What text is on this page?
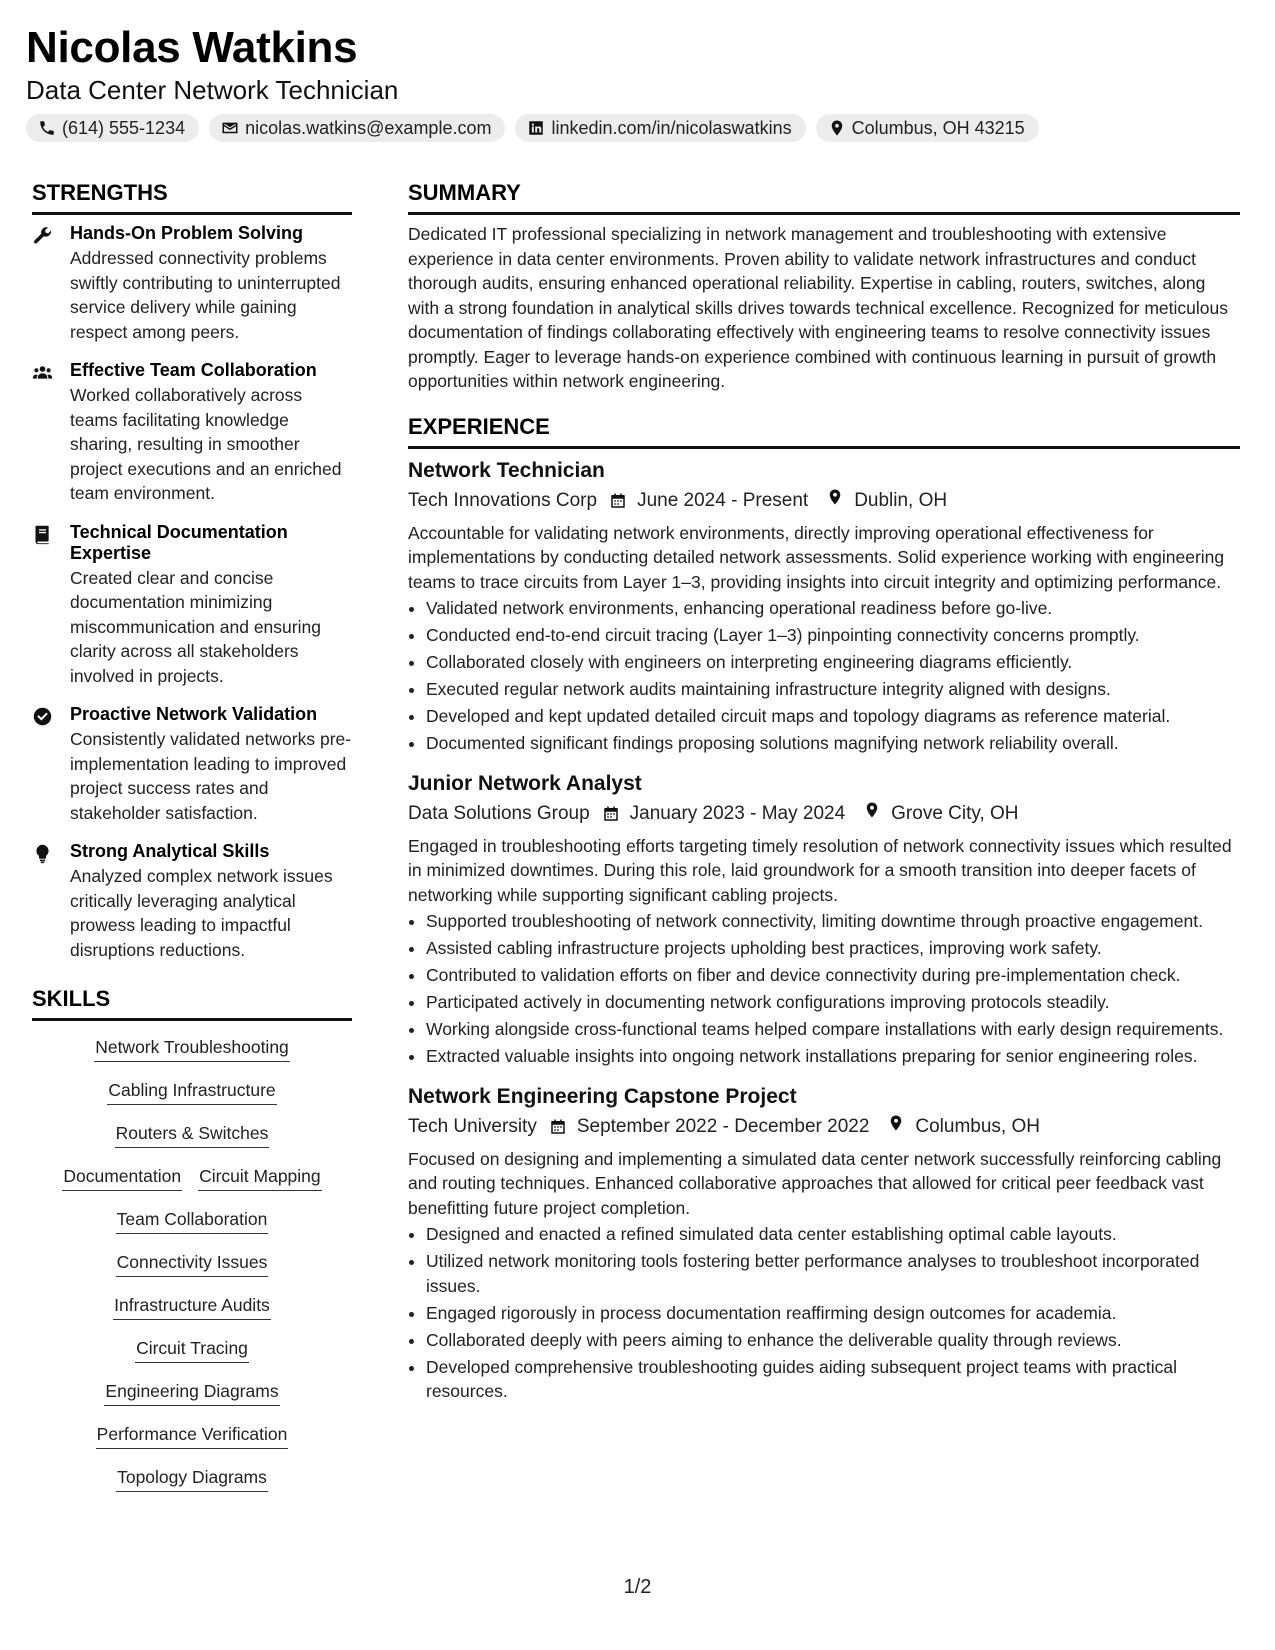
Nicolas Watkins
Data Center Network Technician
(614) 555-1234	nicolas.watkins@example.com	linkedin.com/in/nicolaswatkins	Columbus, OH 43215
STRENGTHS
Hands-On Problem Solving
Addressed connectivity problems swiftly contributing to uninterrupted service delivery while gaining respect among peers.
Effective Team Collaboration
Worked collaboratively across teams facilitating knowledge sharing, resulting in smoother project executions and an enriched team environment.
Technical Documentation Expertise
Created clear and concise documentation minimizing miscommunication and ensuring clarity across all stakeholders involved in projects.
Proactive Network Validation
Consistently validated networks pre-implementation leading to improved project success rates and stakeholder satisfaction.
Strong Analytical Skills
Analyzed complex network issues critically leveraging analytical prowess leading to impactful disruptions reductions.
SKILLS
Network Troubleshooting
Cabling Infrastructure
Routers & Switches
Documentation Circuit Mapping
Team Collaboration
Connectivity Issues
Infrastructure Audits
Circuit Tracing
Engineering Diagrams
Performance Verification
Topology Diagrams
SUMMARY
Dedicated IT professional specializing in network management and troubleshooting with extensive experience in data center environments. Proven ability to validate network infrastructures and conduct thorough audits, ensuring enhanced operational reliability. Expertise in cabling, routers, switches, along with a strong foundation in analytical skills drives towards technical excellence. Recognized for meticulous documentation of findings collaborating effectively with engineering teams to resolve connectivity issues promptly. Eager to leverage hands-on experience combined with continuous learning in pursuit of growth opportunities within network engineering.
EXPERIENCE
Network Technician
Tech Innovations Corp June 2024 - Present Dublin, OH
Accountable for validating network environments, directly improving operational effectiveness for implementations by conducting detailed network assessments. Solid experience working with engineering teams to trace circuits from Layer 1–3, providing insights into circuit integrity and optimizing performance.
• Validated network environments, enhancing operational readiness before go-live.
• Conducted end-to-end circuit tracing (Layer 1–3) pinpointing connectivity concerns promptly.
• Collaborated closely with engineers on interpreting engineering diagrams efficiently.
• Executed regular network audits maintaining infrastructure integrity aligned with designs.
• Developed and kept updated detailed circuit maps and topology diagrams as reference material.
• Documented significant findings proposing solutions magnifying network reliability overall.
Junior Network Analyst
Data Solutions Group January 2023 - May 2024 Grove City, OH
Engaged in troubleshooting efforts targeting timely resolution of network connectivity issues which resulted in minimized downtimes. During this role, laid groundwork for a smooth transition into deeper facets of networking while supporting significant cabling projects.
• Supported troubleshooting of network connectivity, limiting downtime through proactive engagement.
• Assisted cabling infrastructure projects upholding best practices, improving work safety.
• Contributed to validation efforts on fiber and device connectivity during pre-implementation check.
• Participated actively in documenting network configurations improving protocols steadily.
• Working alongside cross-functional teams helped compare installations with early design requirements.
• Extracted valuable insights into ongoing network installations preparing for senior engineering roles.
Network Engineering Capstone Project
Tech University September 2022 - December 2022 Columbus, OH
Focused on designing and implementing a simulated data center network successfully reinforcing cabling and routing techniques. Enhanced collaborative approaches that allowed for critical peer feedback vast benefitting future project completion.
• Designed and enacted a refined simulated data center establishing optimal cable layouts.
• Utilized network monitoring tools fostering better performance analyses to troubleshoot incorporated issues.
• Engaged rigorously in process documentation reaffirming design outcomes for academia.
• Collaborated deeply with peers aiming to enhance the deliverable quality through reviews.
• Developed comprehensive troubleshooting guides aiding subsequent project teams with practical resources.
1/2
